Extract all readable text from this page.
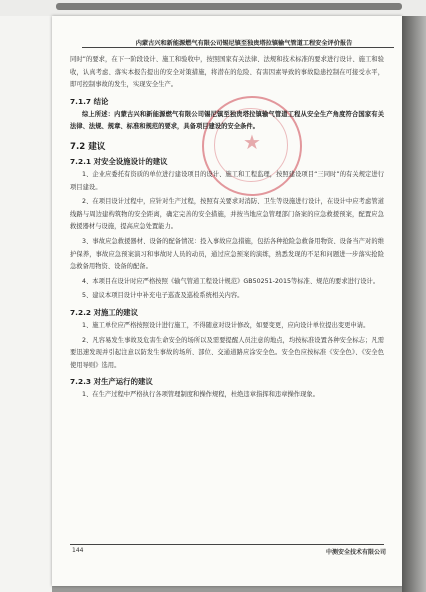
内蒙古兴和新能源燃气有限公司锡尼镇至独贵塔拉镇输气管道工程安全评价报告
★

同时”的要求，在下一阶段设计、施工和验收中，按照国家有关法律、法规和技术标准的要求进行设计、施工和验收，认真考虑、落实本报告提出的安全对策措施，将潜在的危险、有害因素导致的事故隐患控制在可接受水平，即可控制事故的发生，实现安全生产。

7.1.7 结论

综上所述：内蒙古兴和新能源燃气有限公司锡尼镇至独贵塔拉镇输气管道工程从安全生产角度符合国家有关法律、法规、规章、标准和规范的要求，具备项目建设的安全条件。

7.2 建议
7.2.1 对安全设施设计的建议

1、企业应委托有资质的单位进行建设项目的设计、施工和工程监理，按照建设项目“三同时”的有关规定进行项目建设。

2、在项目设计过程中，应针对生产过程，按照有关要求对消防、卫生等设施进行设计，在设计中应考虑管道线路与周边建构筑物的安全距离，确定完善的安全措施，并按当地应急管理部门备案的应急救援预案，配置应急救援器材与设施，提高应急处置能力。

3、事故应急救援器材、设备的配备情况：投入事故应急措施，包括各种抢险急救备用物资、设备当产对的维护保养，事故应急预案演习和事故时人员的动员，通过应急预案的演练，熟悉发现的不足和问题进一步落实抢险急救备用物资、设备的配备。

4、本项目在设计时应严格按照《输气管道工程设计规范》GB50251-2015等标准、规范的要求进行设计。

5、建议本项目设计中补充电子巡查及巡检系统相关内容。

7.2.2 对施工的建议

1、施工单位应严格按照设计进行施工，不得随意对设计修改，如要变更，应向设计单位提出变更申请。

2、凡容易发生事故及危害生命安全的场所以及需要提醒人员注意的地点，均按标准设置各种安全标志；凡需要迅速发现并引起注意以防发生事故的场所、部位、交通道路应涂安全色。安全色应按标准《安全色》、《安全色使用导则》选用。

7.2.3 对生产运行的建议

1、在生产过程中严格执行各项管理制度和操作规程，杜绝违章指挥和违章操作现象。

144	中测安全技术有限公司
